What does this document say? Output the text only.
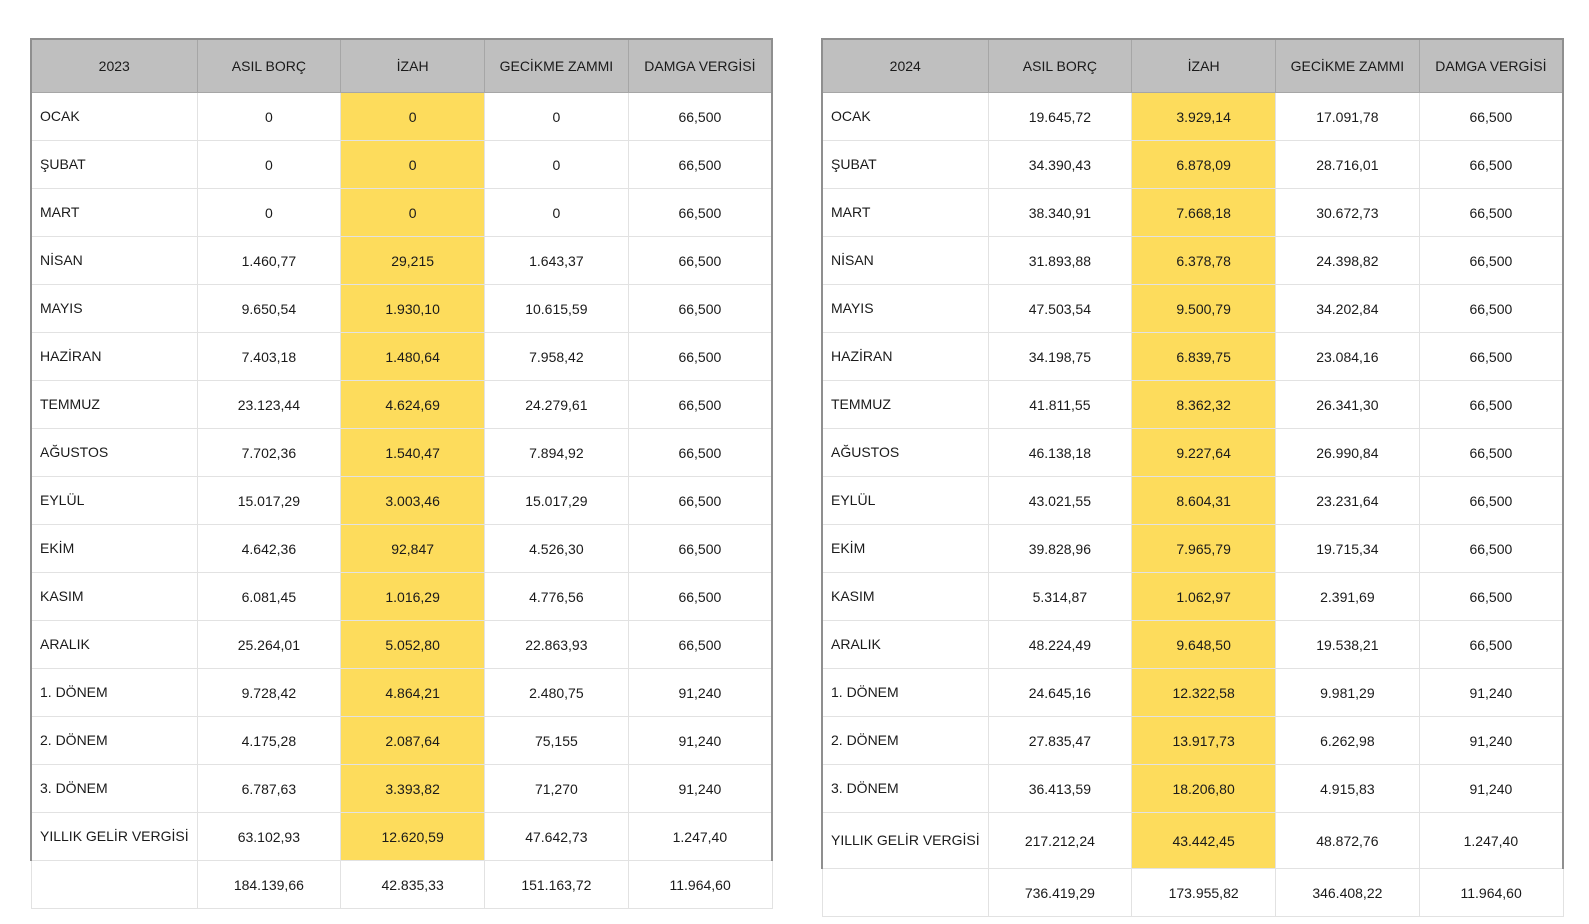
2023	ASIL BORÇ	İZAH	GECİKME ZAMMI	DAMGA VERGİSİ
OCAK	0	0	0	66,500
ŞUBAT	0	0	0	66,500
MART	0	0	0	66,500
NİSAN	1.460,77	29,215	1.643,37	66,500
MAYIS	9.650,54	1.930,10	10.615,59	66,500
HAZİRAN	7.403,18	1.480,64	7.958,42	66,500
TEMMUZ	23.123,44	4.624,69	24.279,61	66,500
AĞUSTOS	7.702,36	1.540,47	7.894,92	66,500
EYLÜL	15.017,29	3.003,46	15.017,29	66,500
EKİM	4.642,36	92,847	4.526,30	66,500
KASIM	6.081,45	1.016,29	4.776,56	66,500
ARALIK	25.264,01	5.052,80	22.863,93	66,500
1. DÖNEM	9.728,42	4.864,21	2.480,75	91,240
2. DÖNEM	4.175,28	2.087,64	75,155	91,240
3. DÖNEM	6.787,63	3.393,82	71,270	91,240
YILLIK GELİR VERGİSİ	63.102,93	12.620,59	47.642,73	1.247,40
	184.139,66	42.835,33	151.163,72	11.964,60
2024	ASIL BORÇ	İZAH	GECİKME ZAMMI	DAMGA VERGİSİ
OCAK	19.645,72	3.929,14	17.091,78	66,500
ŞUBAT	34.390,43	6.878,09	28.716,01	66,500
MART	38.340,91	7.668,18	30.672,73	66,500
NİSAN	31.893,88	6.378,78	24.398,82	66,500
MAYIS	47.503,54	9.500,79	34.202,84	66,500
HAZİRAN	34.198,75	6.839,75	23.084,16	66,500
TEMMUZ	41.811,55	8.362,32	26.341,30	66,500
AĞUSTOS	46.138,18	9.227,64	26.990,84	66,500
EYLÜL	43.021,55	8.604,31	23.231,64	66,500
EKİM	39.828,96	7.965,79	19.715,34	66,500
KASIM	5.314,87	1.062,97	2.391,69	66,500
ARALIK	48.224,49	9.648,50	19.538,21	66,500
1. DÖNEM	24.645,16	12.322,58	9.981,29	91,240
2. DÖNEM	27.835,47	13.917,73	6.262,98	91,240
3. DÖNEM	36.413,59	18.206,80	4.915,83	91,240
YILLIK GELİR VERGİSİ	217.212,24	43.442,45	48.872,76	1.247,40
	736.419,29	173.955,82	346.408,22	11.964,60
